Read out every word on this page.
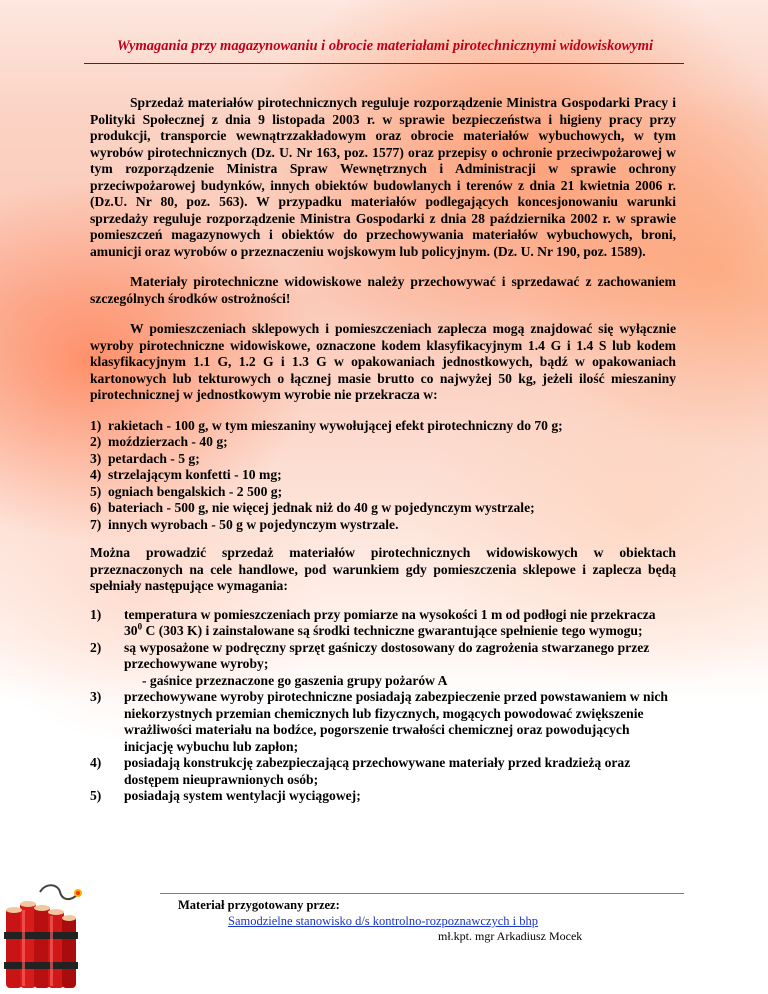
Wymagania przy magazynowaniu i obrocie materiałami pirotechnicznymi widowiskowymi

Sprzedaż materiałów pirotechnicznych reguluje rozporządzenie Ministra Gospodarki Pracy i Polityki Społecznej z dnia 9 listopada 2003 r. w sprawie bezpieczeństwa i higieny pracy przy produkcji, transporcie wewnątrzzakładowym oraz obrocie materiałów wybuchowych, w tym wyrobów pirotechnicznych (Dz. U. Nr 163, poz. 1577) oraz przepisy o ochronie przeciwpożarowej w tym rozporządzenie Ministra Spraw Wewnętrznych i Administracji w sprawie ochrony przeciwpożarowej budynków, innych obiektów budowlanych i terenów z dnia 21 kwietnia 2006 r. (Dz.U. Nr 80, poz. 563). W przypadku materiałów podlegających koncesjonowaniu warunki sprzedaży reguluje rozporządzenie Ministra Gospodarki z dnia 28 października 2002 r. w sprawie pomieszczeń magazynowych i obiektów do przechowywania materiałów wybuchowych, broni, amunicji oraz wyrobów o przeznaczeniu wojskowym lub policyjnym. (Dz. U. Nr 190, poz. 1589).

Materiały pirotechniczne widowiskowe należy przechowywać i sprzedawać z zachowaniem szczególnych środków ostrożności!

W pomieszczeniach sklepowych i pomieszczeniach zaplecza mogą znajdować się wyłącznie wyroby pirotechniczne widowiskowe, oznaczone kodem klasyfikacyjnym 1.4 G i 1.4 S lub kodem klasyfikacyjnym 1.1 G, 1.2 G i 1.3 G w opakowaniach jednostkowych, bądź w opakowaniach kartonowych lub tekturowych o łącznej masie brutto co najwyżej 50 kg, jeżeli ilość mieszaniny pirotechnicznej w jednostkowym wyrobie nie przekracza w:

1) rakietach - 100 g, w tym mieszaniny wywołującej efekt pirotechniczny do 70 g;
2) moździerzach - 40 g;
3) petardach - 5 g;
4) strzelającym konfetti - 10 mg;
5) ogniach bengalskich - 2 500 g;
6) bateriach - 500 g, nie więcej jednak niż do 40 g w pojedynczym wystrzale;
7) innych wyrobach - 50 g w pojedynczym wystrzale.

Można prowadzić sprzedaż materiałów pirotechnicznych widowiskowych w obiektach przeznaczonych na cele handlowe, pod warunkiem gdy pomieszczenia sklepowe i zaplecza będą spełniały następujące wymagania:

1) temperatura w pomieszczeniach przy pomiarze na wysokości 1 m od podłogi nie przekracza $30^0$ C (303 K) i zainstalowane są środki techniczne gwarantujące spełnienie tego wymogu;
2) są wyposażone w podręczny sprzęt gaśniczy dostosowany do zagrożenia stwarzanego przez przechowywane wyroby;
- gaśnice przeznaczone go gaszenia grupy pożarów A
3) przechowywane wyroby pirotechniczne posiadają zabezpieczenie przed powstawaniem w nich niekorzystnych przemian chemicznych lub fizycznych, mogących powodować zwiększenie wrażliwości materiału na bodźce, pogorszenie trwałości chemicznej oraz powodujących inicjację wybuchu lub zapłon;
4) posiadają konstrukcję zabezpieczającą przechowywane materiały przed kradzieżą oraz dostępem nieuprawnionych osób;
5) posiadają system wentylacji wyciągowej;
Materiał przygotowany przez:
Samodzielne stanowisko d/s kontrolno-rozpoznawczych i bhp
mł.kpt. mgr Arkadiusz Mocek
